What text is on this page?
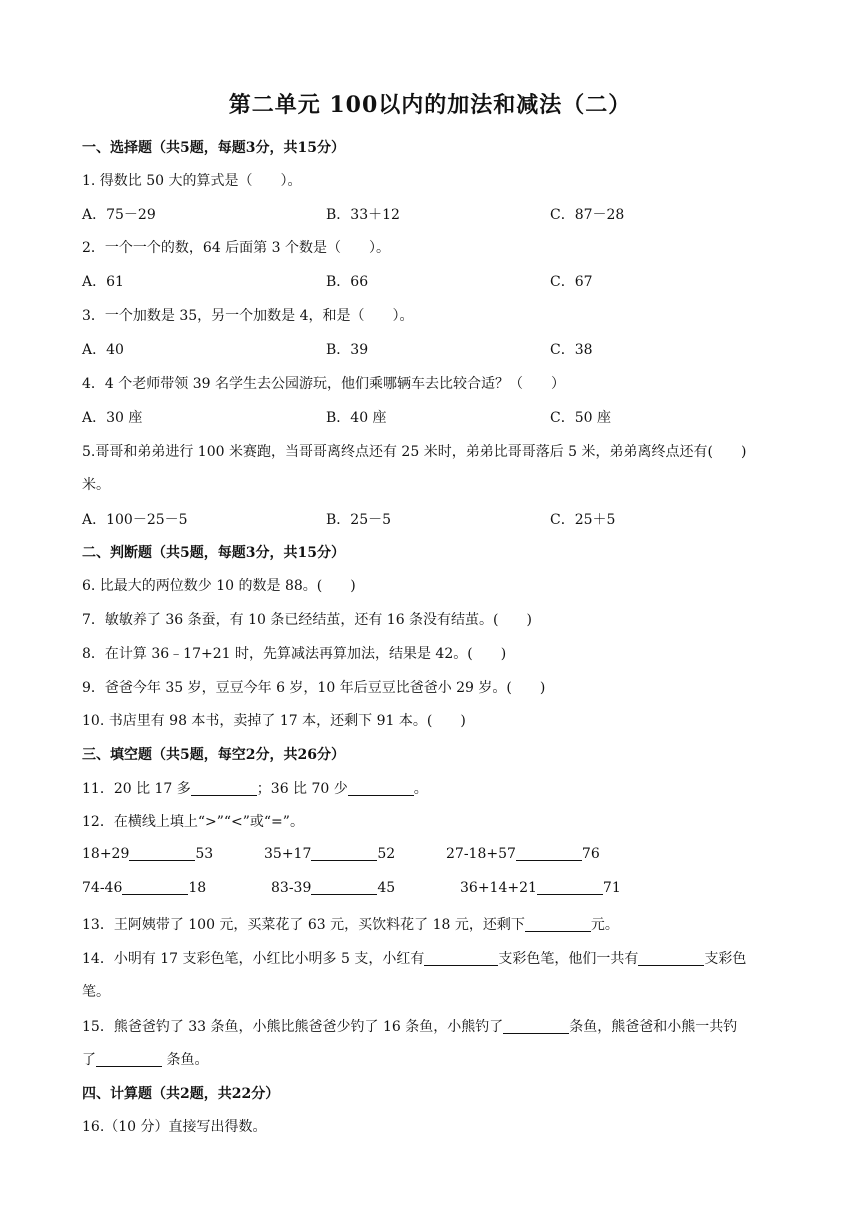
第二单元 100以内的加法和减法（二）
一、选择题（共5题，每题3分，共15分）
1. 得数比 50 大的算式是（　　）。
A．75－29	B．33＋12	C．87－28
2．一个一个的数，64 后面第 3 个数是（　　）。
A．61	B．66	C．67
3．一个加数是 35，另一个加数是 4，和是（　　）。
A．40	B．39	C．38
4．4 个老师带领 39 名学生去公园游玩，他们乘哪辆车去比较合适？（　　）
A．30 座	B．40 座	C．50 座
5.哥哥和弟弟进行 100 米赛跑，当哥哥离终点还有 25 米时，弟弟比哥哥落后 5 米，弟弟离终点还有(　　)
米。
A．100－25－5	B．25－5	C．25＋5
二、判断题（共5题，每题3分，共15分）
6. 比最大的两位数少 10 的数是 88。(　　)
7．敏敏养了 36 条蚕，有 10 条已经结茧，还有 16 条没有结茧。(　　)
8．在计算 36﹣17+21 时，先算减法再算加法，结果是 42。(　　)
9．爸爸今年 35 岁，豆豆今年 6 岁，10 年后豆豆比爸爸小 29 岁。(　　)
10. 书店里有 98 本书，卖掉了 17 本，还剩下 91 本。(　　)
三、填空题（共5题，每空2分，共26分）
11．20 比 17 多	；36 比 70 少	。
12．在横线上填上“>”“<”或“=”。
18+29	53	35+17	52	27-18+57	76
74-46	18	83-39	45	36+14+21	71
13．王阿姨带了 100 元，买菜花了 63 元，买饮料花了 18 元，还剩下	元。
14．小明有 17 支彩色笔，小红比小明多 5 支，小红有	支彩色笔，他们一共有	支彩色
笔。
15．熊爸爸钓了 33 条鱼，小熊比熊爸爸少钓了 16 条鱼，小熊钓了	条鱼，熊爸爸和小熊一共钓
了	条鱼。
四、计算题（共2题，共22分）
16.（10 分）直接写出得数。
